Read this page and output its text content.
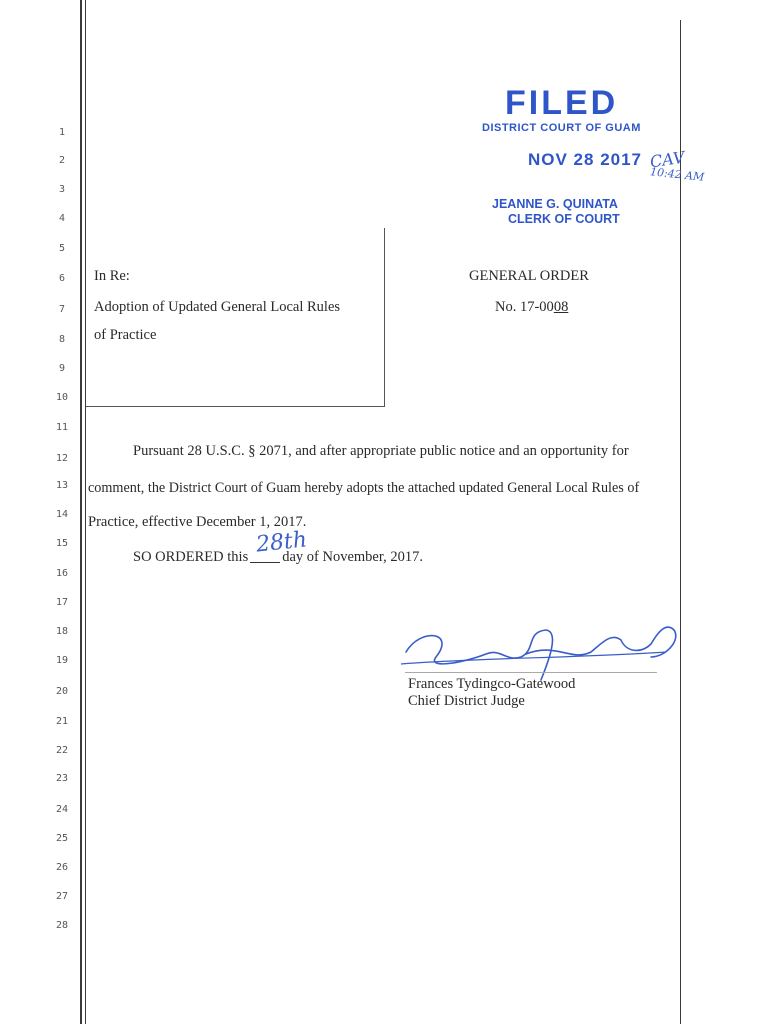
1
2
3
4
5
6
7
8
9
10
11
12
13
14
15
16
17
18
19
20
21
22
23
24
25
26
27
28
FILED
DISTRICT COURT OF GUAM
NOV 28 2017
JEANNE G. QUINATA
CLERK OF COURT
CAV
10:42 AM
In Re:
Adoption of Updated General Local Rules
of Practice
GENERAL ORDER
No. 17-0008
Pursuant 28 U.S.C. § 2071, and after appropriate public notice and an opportunity for
comment, the District Court of Guam hereby adopts the attached updated General Local Rules of
Practice, effective December 1, 2017.
SO ORDERED this day of November, 2017.
28th
Frances Tydingco-Gatewood
Chief District Judge
